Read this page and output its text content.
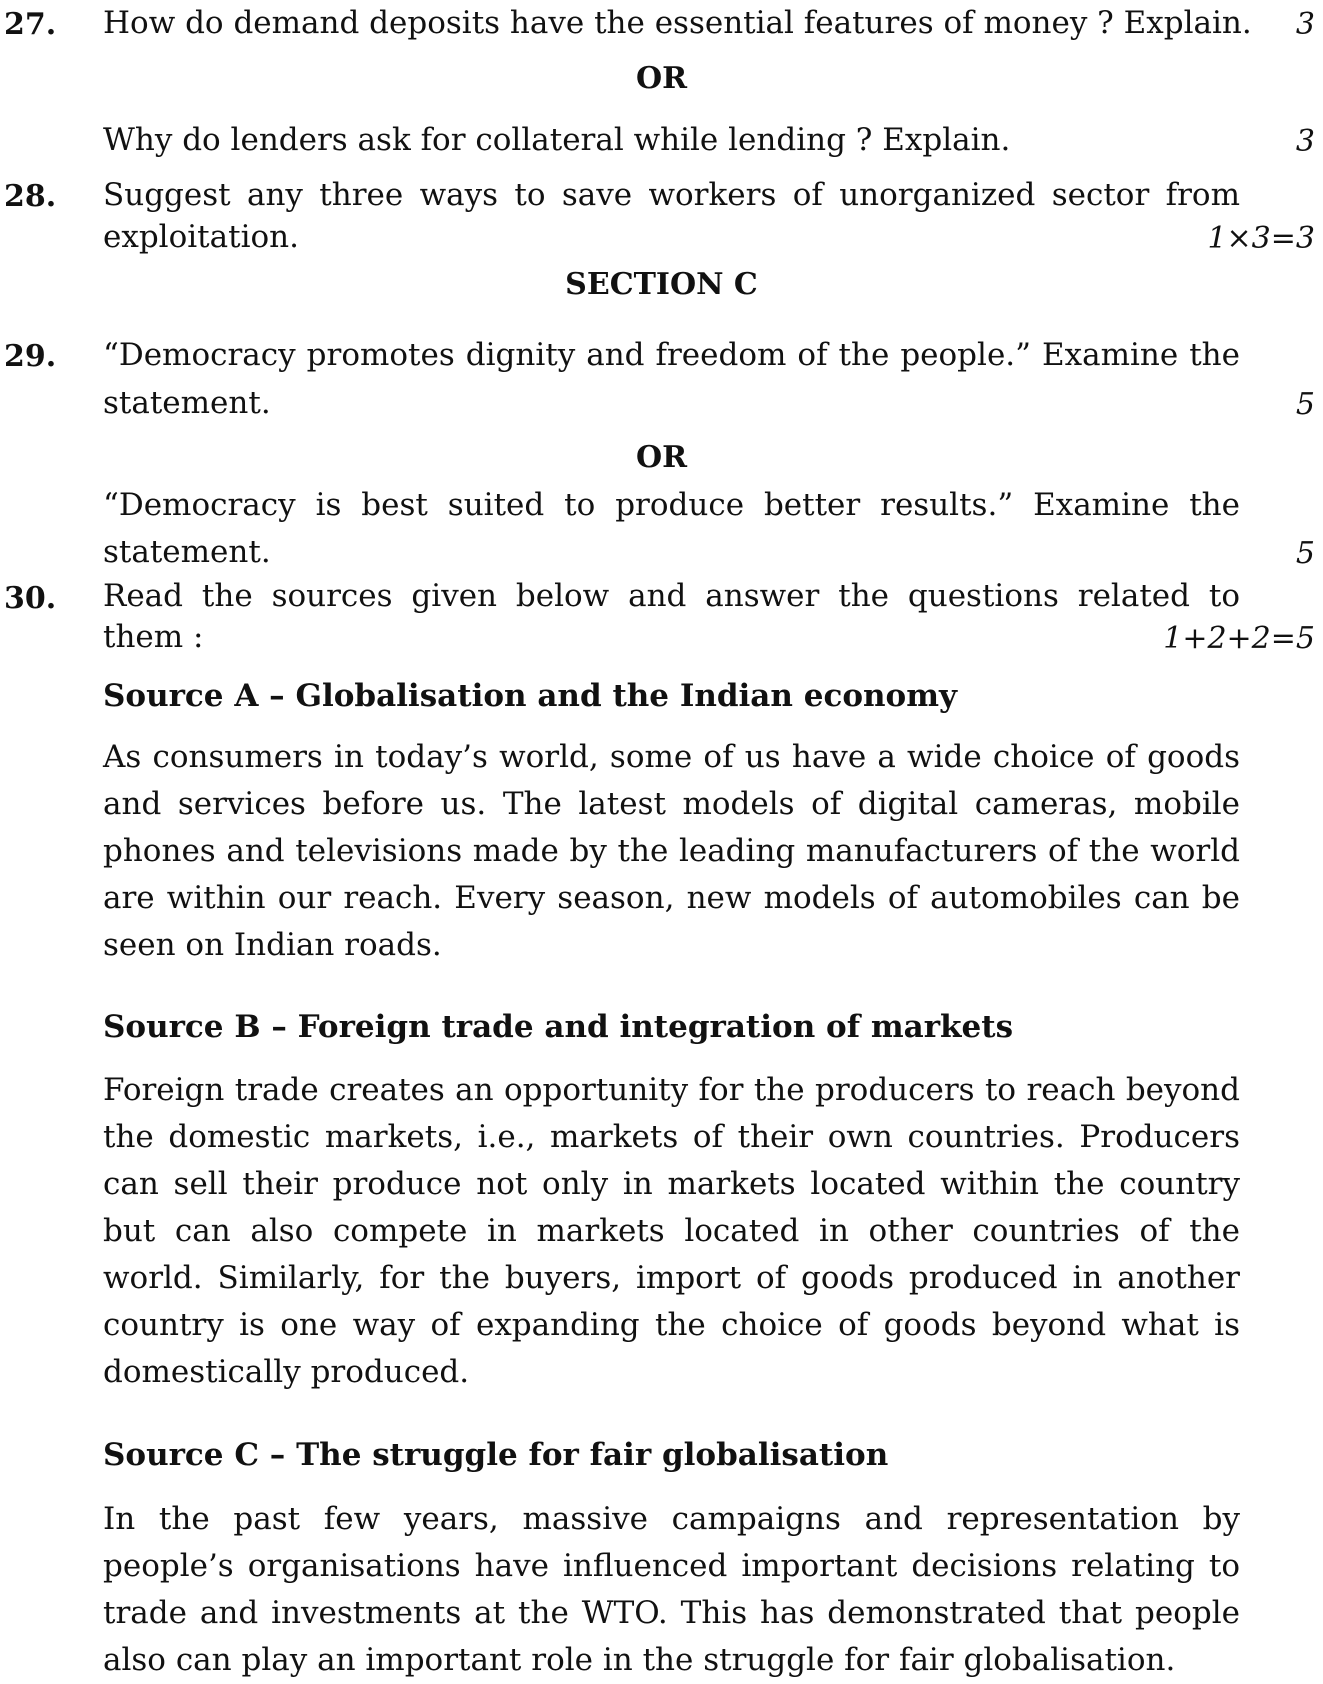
27. How do demand deposits have the essential features of money ? Explain. 3
OR
Why do lenders ask for collateral while lending ? Explain.	3
28. Suggest any three ways to save workers of unorganized sector from
exploitation.	1×3=3
SECTION C
29. “Democracy promotes dignity and freedom of the people.” Examine the
statement.	5
OR
“Democracy is best suited to produce better results.” Examine the
statement.	5
30. Read the sources given below and answer the questions related to
them :	1+2+2=5
Source A – Globalisation and the Indian economy
As consumers in today’s world, some of us have a wide choice of goods and services before us. The latest models of digital cameras, mobile phones and televisions made by the leading manufacturers of the world are within our reach. Every season, new models of automobiles can be seen on Indian roads.
Source B – Foreign trade and integration of markets
Foreign trade creates an opportunity for the producers to reach beyond the domestic markets, i.e., markets of their own countries. Producers can sell their produce not only in markets located within the country but can also compete in markets located in other countries of the world. Similarly, for the buyers, import of goods produced in another country is one way of expanding the choice of goods beyond what is domestically produced.
Source C – The struggle for fair globalisation
In the past few years, massive campaigns and representation by people’s organisations have influenced important decisions relating to trade and investments at the WTO. This has demonstrated that people also can play an important role in the struggle for fair globalisation.
